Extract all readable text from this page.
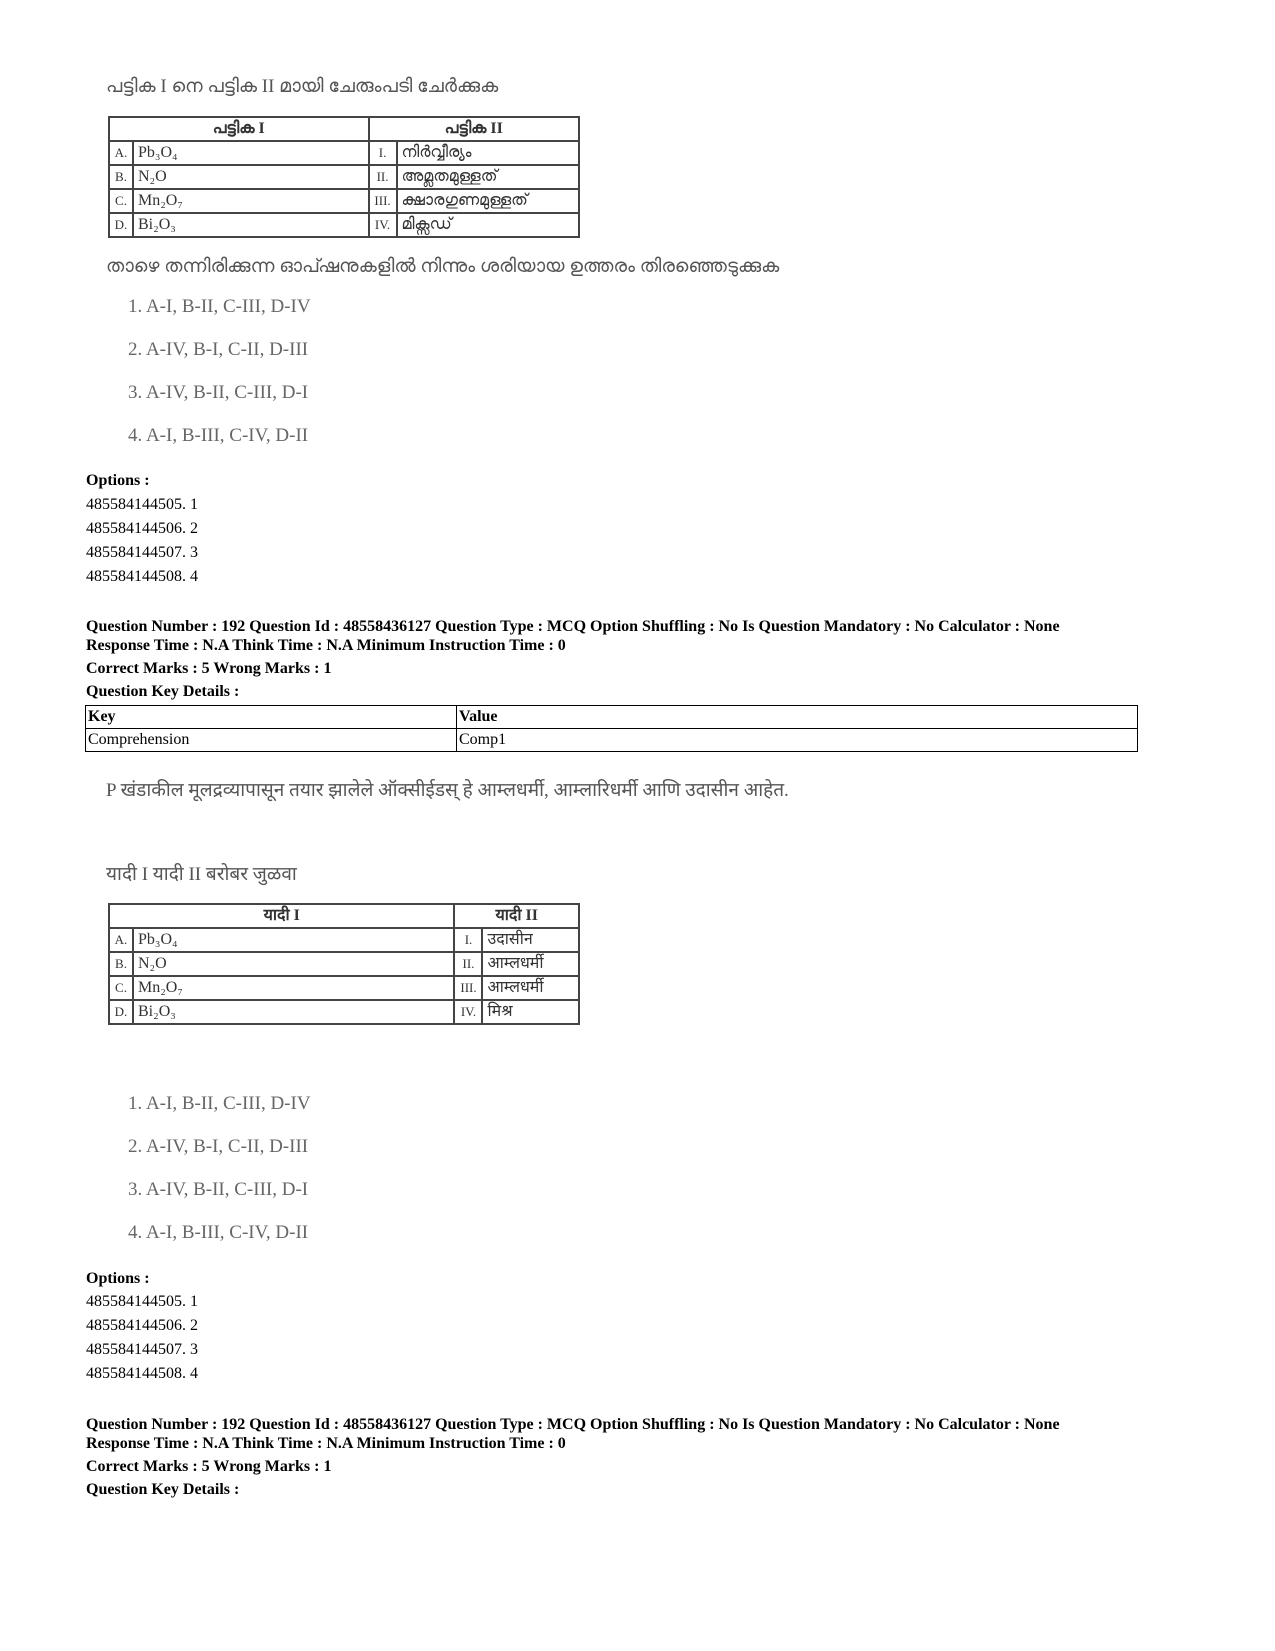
പട്ടിക I നെ പട്ടിക II മായി ചേരുംപടി ചേർക്കുക
പട്ടിക I		പട്ടിക II	
A.	Pb₃O₄	I.	നിർവ്വീര്യം
B.	N₂O	II.	അമ്ലതമുള്ളത്
C.	Mn₂O₇	III.	ക്ഷാരഗുണമുള്ളത്
D.	Bi₂O₃	IV.	മിക്സഡ്
താഴെ തന്നിരിക്കുന്ന ഓപ്ഷനുകളിൽ നിന്നും ശരിയായ ഉത്തരം തിരഞ്ഞെടുക്കുക
1. A-I, B-II, C-III, D-IV
2. A-IV, B-I, C-II, D-III
3. A-IV, B-II, C-III, D-I
4. A-I, B-III, C-IV, D-II
Options :
485584144505. 1
485584144506. 2
485584144507. 3
485584144508. 4
Question Number : 192 Question Id : 48558436127 Question Type : MCQ Option Shuffling : No Is Question Mandatory : No Calculator : None
Response Time : N.A Think Time : N.A Minimum Instruction Time : 0
Correct Marks : 5 Wrong Marks : 1
Question Key Details :
Key	Value
Comprehension	Comp1
P खंडाकील मूलद्रव्यापासून तयार झालेले ऑक्सीईडस् हे आम्लधर्मी, आम्लारिधर्मी आणि उदासीन आहेत.
यादी I यादी II बरोबर जुळवा
यादी I		यादी II	
A.	Pb₃O₄	I.	उदासीन
B.	N₂O	II.	आम्लधर्मी
C.	Mn₂O₇	III.	आम्लधर्मी
D.	Bi₂O₃	IV.	मिश्र
1. A-I, B-II, C-III, D-IV
2. A-IV, B-I, C-II, D-III
3. A-IV, B-II, C-III, D-I
4. A-I, B-III, C-IV, D-II
Options :
485584144505. 1
485584144506. 2
485584144507. 3
485584144508. 4
Question Number : 192 Question Id : 48558436127 Question Type : MCQ Option Shuffling : No Is Question Mandatory : No Calculator : None
Response Time : N.A Think Time : N.A Minimum Instruction Time : 0
Correct Marks : 5 Wrong Marks : 1
Question Key Details :
